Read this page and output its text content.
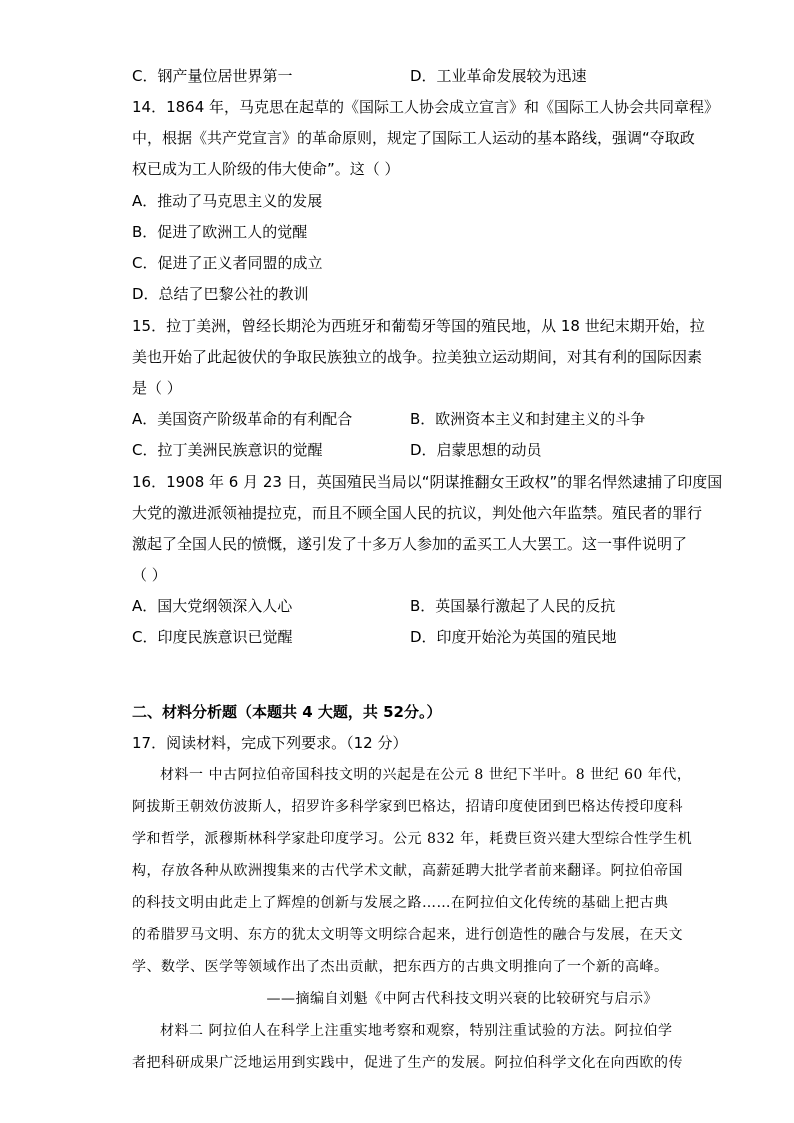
C．钢产量位居世界第一	D．工业革命发展较为迅速
14．1864 年，马克思在起草的《国际工人协会成立宣言》和《国际工人协会共同章程》
中，根据《共产党宣言》的革命原则，规定了国际工人运动的基本路线，强调“夺取政
权已成为工人阶级的伟大使命”。这（ ）
A．推动了马克思主义的发展
B．促进了欧洲工人的觉醒
C．促进了正义者同盟的成立
D．总结了巴黎公社的教训
15．拉丁美洲，曾经长期沦为西班牙和葡萄牙等国的殖民地，从 18 世纪末期开始，拉
美也开始了此起彼伏的争取民族独立的战争。拉美独立运动期间，对其有利的国际因素
是（ ）
A．美国资产阶级革命的有利配合	B．欧洲资本主义和封建主义的斗争
C．拉丁美洲民族意识的觉醒	D．启蒙思想的动员
16．1908 年 6 月 23 日，英国殖民当局以“阴谋推翻女王政权”的罪名悍然逮捕了印度国
大党的激进派领袖提拉克，而且不顾全国人民的抗议，判处他六年监禁。殖民者的罪行
激起了全国人民的愤慨，遂引发了十多万人参加的孟买工人大罢工。这一事件说明了
（ ）
A．国大党纲领深入人心	B．英国暴行激起了人民的反抗
C．印度民族意识已觉醒	D．印度开始沦为英国的殖民地
二、材料分析题（本题共 4 大题，共 52分。）
17．阅读材料，完成下列要求。（12 分）
材料一 中古阿拉伯帝国科技文明的兴起是在公元 8 世纪下半叶。8 世纪 60 年代，
阿拔斯王朝效仿波斯人，招罗许多科学家到巴格达，招请印度使团到巴格达传授印度科
学和哲学，派穆斯林科学家赴印度学习。公元 832 年，耗费巨资兴建大型综合性学生机
构，存放各种从欧洲搜集来的古代学术文献，高薪延聘大批学者前来翻译。阿拉伯帝国
的科技文明由此走上了辉煌的创新与发展之路……在阿拉伯文化传统的基础上把古典
的希腊罗马文明、东方的犹太文明等文明综合起来，进行创造性的融合与发展，在天文
学、数学、医学等领域作出了杰出贡献，把东西方的古典文明推向了一个新的高峰。
——摘编自刘魁《中阿古代科技文明兴衰的比较研究与启示》
材料二 阿拉伯人在科学上注重实地考察和观察，特别注重试验的方法。阿拉伯学
者把科研成果广泛地运用到实践中，促进了生产的发展。阿拉伯科学文化在向西欧的传
